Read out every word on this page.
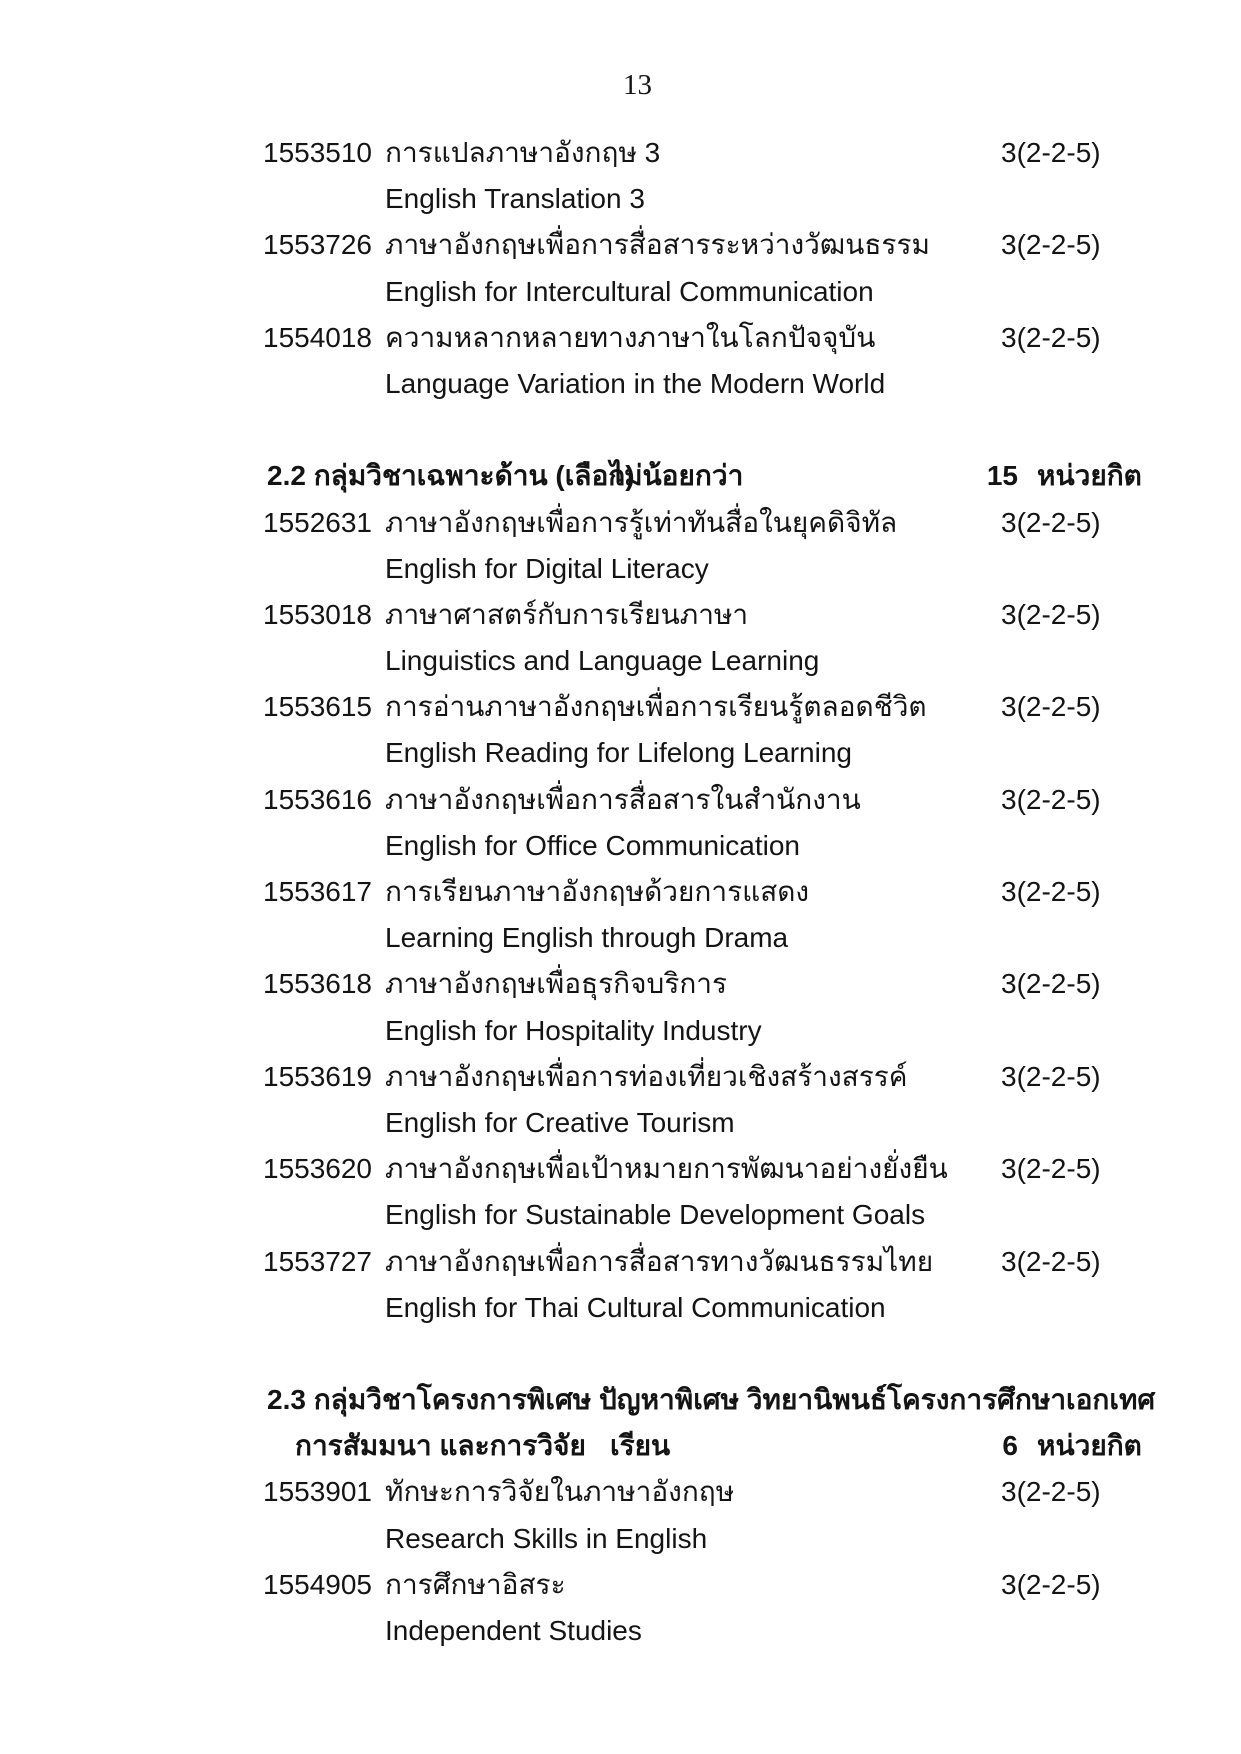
13
1553510 การแปลภาษาอังกฤษ 3	3(2-2-5)
English Translation 3
1553726 ภาษาอังกฤษเพื่อการสื่อสารระหว่างวัฒนธรรม	3(2-2-5)
English for Intercultural Communication
1554018 ความหลากหลายทางภาษาในโลกปัจจุบัน	3(2-2-5)
Language Variation in the Modern World
2.2 กลุ่มวิชาเฉพาะด้าน (เลือก)
ไม่น้อยกว่า	15 หน่วยกิต
1552631 ภาษาอังกฤษเพื่อการรู้เท่าทันสื่อในยุคดิจิทัล	3(2-2-5)
English for Digital Literacy
1553018 ภาษาศาสตร์กับการเรียนภาษา	3(2-2-5)
Linguistics and Language Learning
1553615 การอ่านภาษาอังกฤษเพื่อการเรียนรู้ตลอดชีวิต	3(2-2-5)
English Reading for Lifelong Learning
1553616 ภาษาอังกฤษเพื่อการสื่อสารในสำนักงาน	3(2-2-5)
English for Office Communication
1553617 การเรียนภาษาอังกฤษด้วยการแสดง	3(2-2-5)
Learning English through Drama
1553618 ภาษาอังกฤษเพื่อธุรกิจบริการ	3(2-2-5)
English for Hospitality Industry
1553619 ภาษาอังกฤษเพื่อการท่องเที่ยวเชิงสร้างสรรค์	3(2-2-5)
English for Creative Tourism
1553620 ภาษาอังกฤษเพื่อเป้าหมายการพัฒนาอย่างยั่งยืน 3(2-2-5)
English for Sustainable Development Goals
1553727 ภาษาอังกฤษเพื่อการสื่อสารทางวัฒนธรรมไทย 3(2-2-5)
English for Thai Cultural Communication
2.3 กลุ่มวิชาโครงการพิเศษ ปัญหาพิเศษ วิทยานิพนธ์โครงการศึกษาเอกเทศ
การสัมมนา และการวิจัย เรียน	6 หน่วยกิต
1553901 ทักษะการวิจัยในภาษาอังกฤษ	3(2-2-5)
Research Skills in English
1554905 การศึกษาอิสระ	3(2-2-5)
Independent Studies
